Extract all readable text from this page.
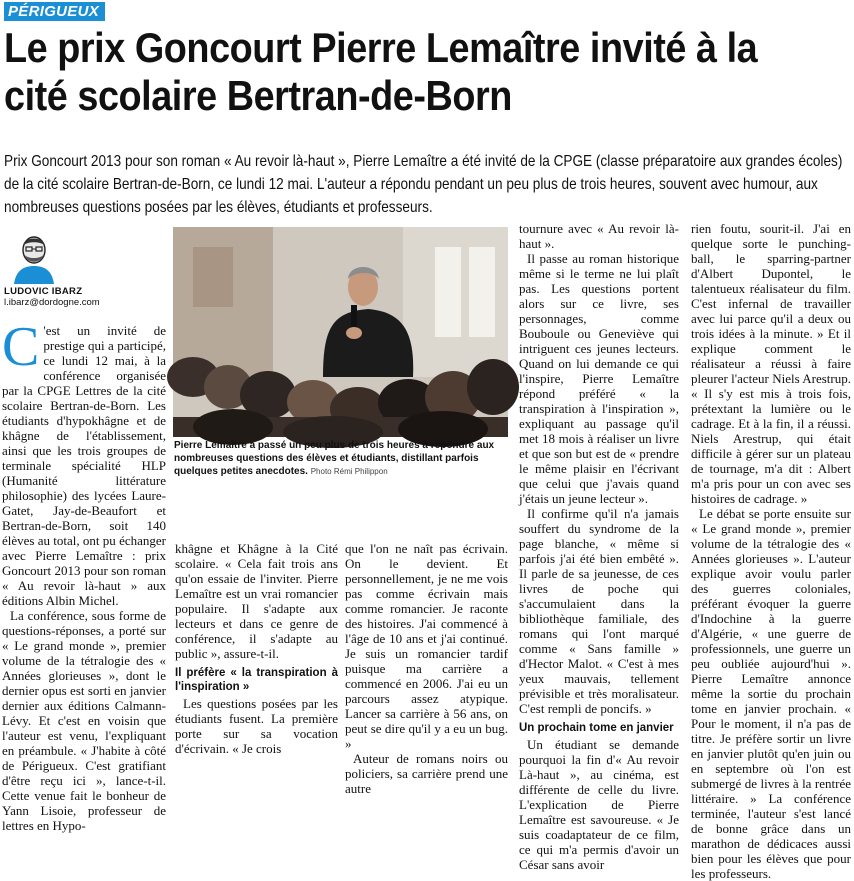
PÉRIGUEUX
Le prix Goncourt Pierre Lemaître invité à la cité scolaire Bertran-de-Born

Prix Goncourt 2013 pour son roman « Au revoir là-haut », Pierre Lemaître a été invité de la CPGE (classe préparatoire aux grandes écoles) de la cité scolaire Bertran-de-Born, ce lundi 12 mai. L'auteur a répondu pendant un peu plus de trois heures, souvent avec humour, aux nombreuses questions posées par les élèves, étudiants et professeurs.

LUDOVIC IBARZ
l.ibarz@dordogne.com
C 'est un invité de prestige qui a participé, ce lundi 12 mai, à la conférence organisée par la CPGE Lettres de la cité scolaire Bertran-de-Born. Les étudiants d'hypokhâgne et de khâgne de l'établissement, ainsi que les trois groupes de terminale spécialité HLP (Humanité littérature philosophie) des lycées Laure-Gatet, Jay-de-Beaufort et Bertran-de-Born, soit 140 élèves au total, ont pu échanger avec Pierre Lemaître : prix Goncourt 2013 pour son roman « Au revoir là-haut » aux éditions Albin Michel.

La conférence, sous forme de questions-réponses, a porté sur « Le grand monde », premier volume de la tétralogie des « Années glorieuses », dont le dernier opus est sorti en janvier dernier aux éditions Calmann-Lévy. Et c'est en voisin que l'auteur est venu, l'expliquant en préambule. « J'habite à côté de Périgueux. C'est gratifiant d'être reçu ici », lance-t-il. Cette venue fait le bonheur de Yann Lisoie, professeur de lettres en Hypo-

Pierre Lemaître a passé un peu plus de trois heures à répondre aux nombreuses questions des élèves et étudiants, distillant parfois quelques petites anecdotes. Photo Rémi Philippon

khâgne et Khâgne à la Cité scolaire. « Cela fait trois ans qu'on essaie de l'inviter. Pierre Lemaître est un vrai romancier populaire. Il s'adapte aux lecteurs et dans ce genre de conférence, il s'adapte au public », assure-t-il.

Il préfère « la transpiration à l'inspiration »

Les questions posées par les étudiants fusent. La première porte sur sa vocation d'écrivain. « Je crois

que l'on ne naît pas écrivain. On le devient. Et personnellement, je ne me vois pas comme écrivain mais comme romancier. Je raconte des histoires. J'ai commencé à l'âge de 10 ans et j'ai continué. Je suis un romancier tardif puisque ma carrière a commencé en 2006. J'ai eu un parcours assez atypique. Lancer sa carrière à 56 ans, on peut se dire qu'il y a eu un bug. »

Auteur de romans noirs ou policiers, sa carrière prend une autre

tournure avec « Au revoir là-haut ».

Il passe au roman historique même si le terme ne lui plaît pas. Les questions portent alors sur ce livre, ses personnages, comme Bouboule ou Geneviève qui intriguent ces jeunes lecteurs. Quand on lui demande ce qui l'inspire, Pierre Lemaître répond préféré « la transpiration à l'inspiration », expliquant au passage qu'il met 18 mois à réaliser un livre et que son but est de « prendre le même plaisir en l'écrivant que celui que j'avais quand j'étais un jeune lecteur ».

Il confirme qu'il n'a jamais souffert du syndrome de la page blanche, « même si parfois j'ai été bien embêté ». Il parle de sa jeunesse, de ces livres de poche qui s'accumulaient dans la bibliothèque familiale, des romans qui l'ont marqué comme « Sans famille » d'Hector Malot. « C'est à mes yeux mauvais, tellement prévisible et très moralisateur. C'est rempli de poncifs. »

Un prochain tome en janvier

Un étudiant se demande pourquoi la fin d'« Au revoir Là-haut », au cinéma, est différente de celle du livre. L'explication de Pierre Lemaître est savoureuse. « Je suis coadaptateur de ce film, ce qui m'a permis d'avoir un César sans avoir

rien foutu, sourit-il. J'ai en quelque sorte le punching-ball, le sparring-partner d'Albert Dupontel, le talentueux réalisateur du film. C'est infernal de travailler avec lui parce qu'il a deux ou trois idées à la minute. » Et il explique comment le réalisateur a réussi à faire pleurer l'acteur Niels Arestrup. « Il s'y est mis à trois fois, prétextant la lumière ou le cadrage. Et à la fin, il a réussi. Niels Arestrup, qui était difficile à gérer sur un plateau de tournage, m'a dit : Albert m'a pris pour un con avec ses histoires de cadrage. »

Le débat se porte ensuite sur « Le grand monde », premier volume de la tétralogie des « Années glorieuses ». L'auteur explique avoir voulu parler des guerres coloniales, préférant évoquer la guerre d'Indochine à la guerre d'Algérie, « une guerre de professionnels, une guerre un peu oubliée aujourd'hui ». Pierre Lemaître annonce même la sortie du prochain tome en janvier prochain. « Pour le moment, il n'a pas de titre. Je préfère sortir un livre en janvier plutôt qu'en juin ou en septembre où l'on est submergé de livres à la rentrée littéraire. » La conférence terminée, l'auteur s'est lancé de bonne grâce dans un marathon de dédicaces aussi bien pour les élèves que pour les professeurs.
